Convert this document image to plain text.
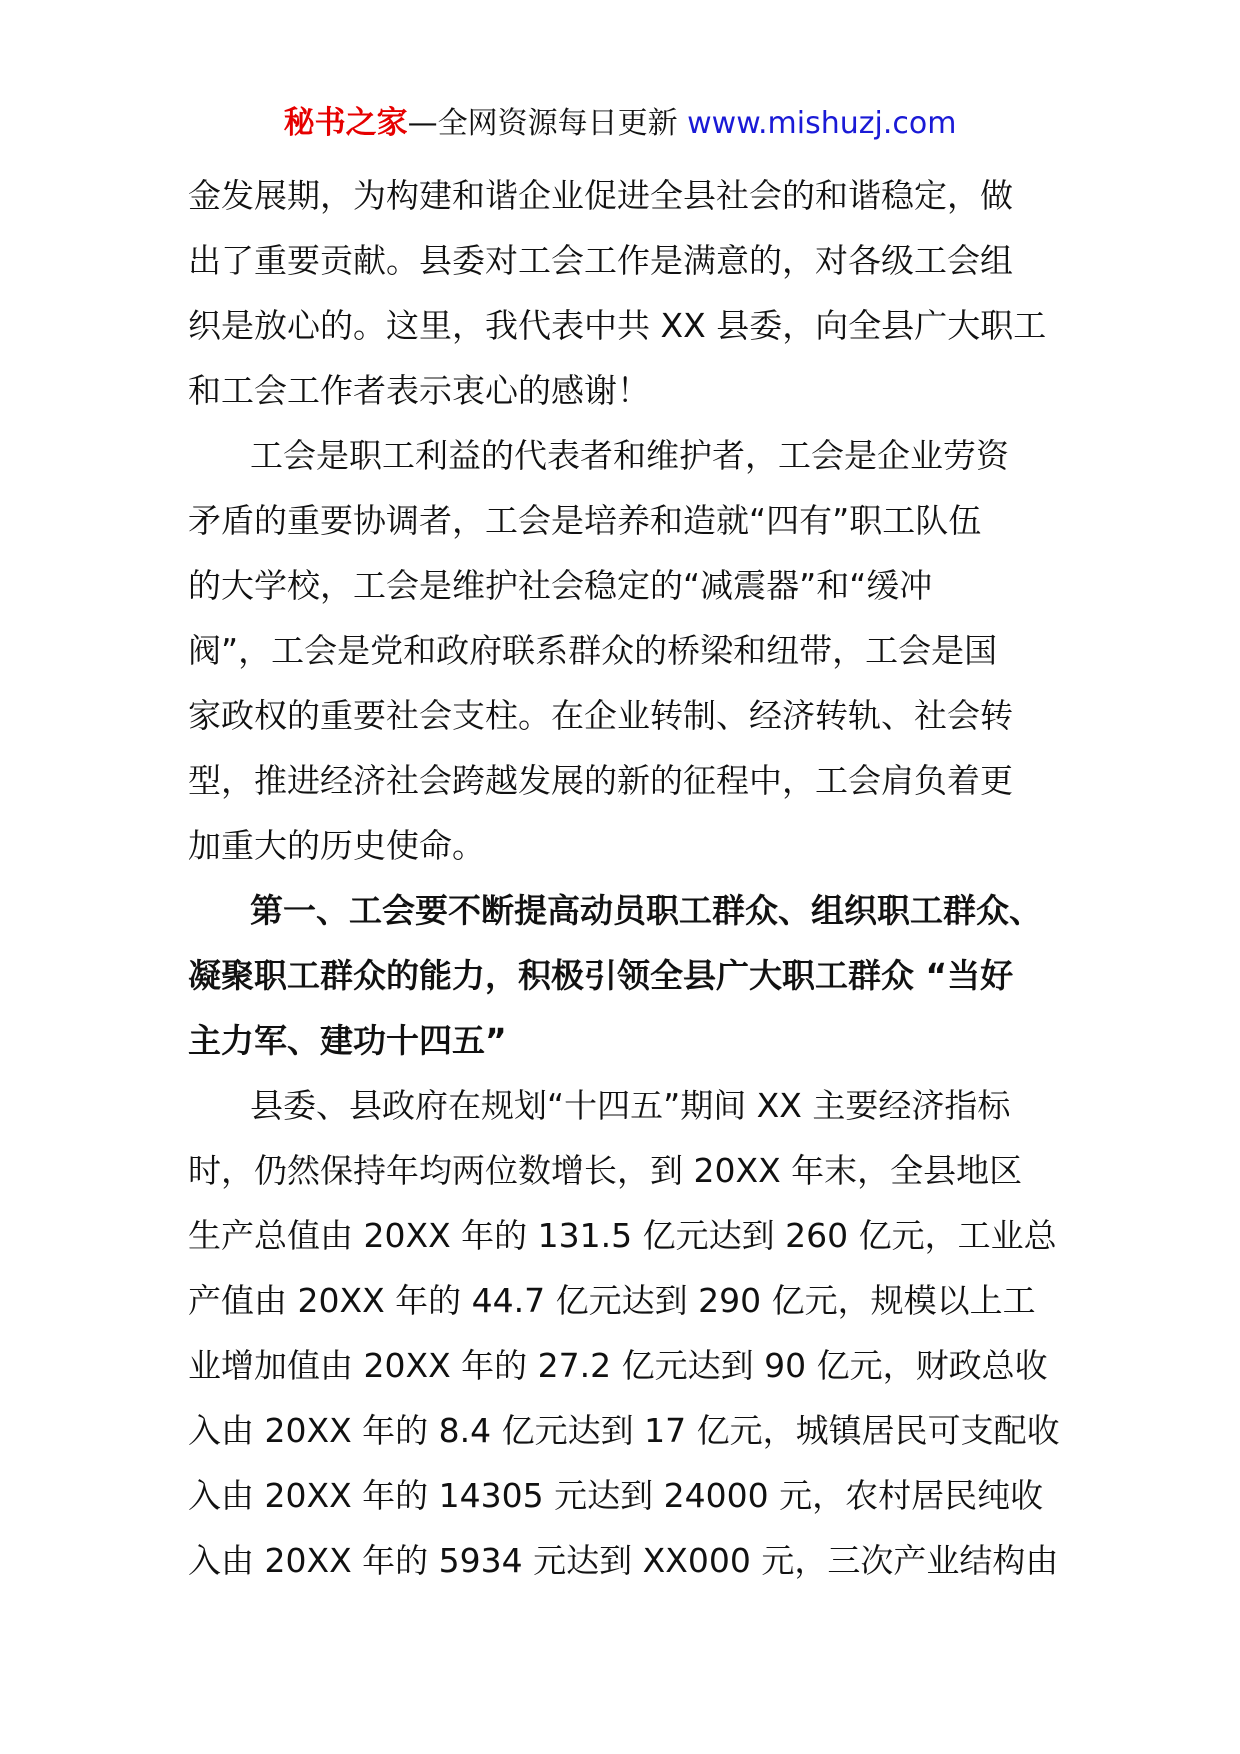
秘书之家—全网资源每日更新 www.mishuzj.com
金发展期，为构建和谐企业促进全县社会的和谐稳定，做
出了重要贡献。县委对工会工作是满意的，对各级工会组
织是放心的。这里，我代表中共 XX 县委，向全县广大职工
和工会工作者表示衷心的感谢！
工会是职工利益的代表者和维护者，工会是企业劳资
矛盾的重要协调者，工会是培养和造就“四有”职工队伍
的大学校，工会是维护社会稳定的“减震器”和“缓冲
阀”，工会是党和政府联系群众的桥梁和纽带，工会是国
家政权的重要社会支柱。在企业转制、经济转轨、社会转
型，推进经济社会跨越发展的新的征程中，工会肩负着更
加重大的历史使命。
第一、工会要不断提高动员职工群众、组织职工群众、
凝聚职工群众的能力，积极引领全县广大职工群众 “当好
主力军、建功十四五”
县委、县政府在规划“十四五”期间 XX 主要经济指标
时，仍然保持年均两位数增长，到 20XX 年末，全县地区
生产总值由 20XX 年的 131.5 亿元达到 260 亿元，工业总
产值由 20XX 年的 44.7 亿元达到 290 亿元，规模以上工
业增加值由 20XX 年的 27.2 亿元达到 90 亿元，财政总收
入由 20XX 年的 8.4 亿元达到 17 亿元，城镇居民可支配收
入由 20XX 年的 14305 元达到 24000 元，农村居民纯收
入由 20XX 年的 5934 元达到 XX000 元，三次产业结构由
